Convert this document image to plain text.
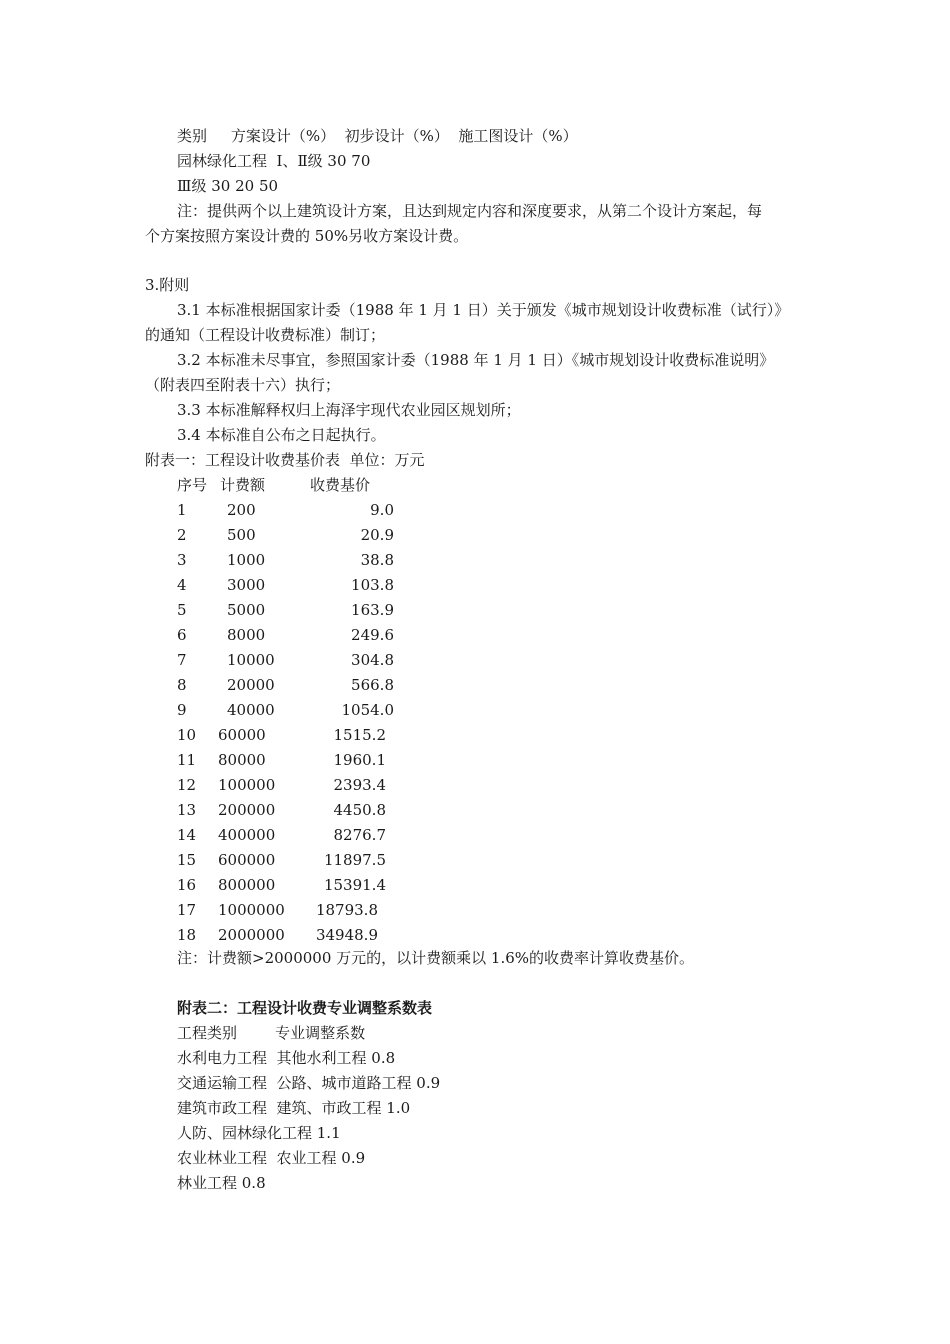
类别     方案设计（%）  初步设计（%）  施工图设计（%）
园林绿化工程  Ⅰ、Ⅱ级 30 70
Ⅲ级 30 20 50
注：提供两个以上建筑设计方案，且达到规定内容和深度要求，从第二个设计方案起，每
个方案按照方案设计费的 50%另收方案设计费。
3.附则
3.1 本标准根据国家计委（1988 年 1 月 1 日）关于颁发《城市规划设计收费标准（试行）》
的通知（工程设计收费标准）制订；
3.2 本标准未尽事宜，参照国家计委（1988 年 1 月 1 日）《城市规划设计收费标准说明》
（附表四至附表十六）执行；
3.3 本标准解释权归上海泽宇现代农业园区规划所；
3.4 本标准自公布之日起执行。
附表一：工程设计收费基价表  单位：万元
序号 计费额	收费基价
1	200	9.0
2	500	20.9
3	1000	38.8
4	3000	103.8
5	5000	163.9
6	8000	249.6
7	10000	304.8
8	20000	566.8
9	40000	1054.0
10 60000	1515.2
11 80000	1960.1
12 100000	2393.4
13 200000	4450.8
14 400000	8276.7
15 600000	11897.5
16 800000	15391.4
17 1000000	18793.8
18 2000000	34948.9
注：计费额>2000000 万元的，以计费额乘以 1.6%的收费率计算收费基价。
附表二：工程设计收费专业调整系数表
工程类别        专业调整系数
水利电力工程  其他水利工程 0.8
交通运输工程  公路、城市道路工程 0.9
建筑市政工程  建筑、市政工程 1.0
人防、园林绿化工程 1.1
农业林业工程  农业工程 0.9
林业工程 0.8
